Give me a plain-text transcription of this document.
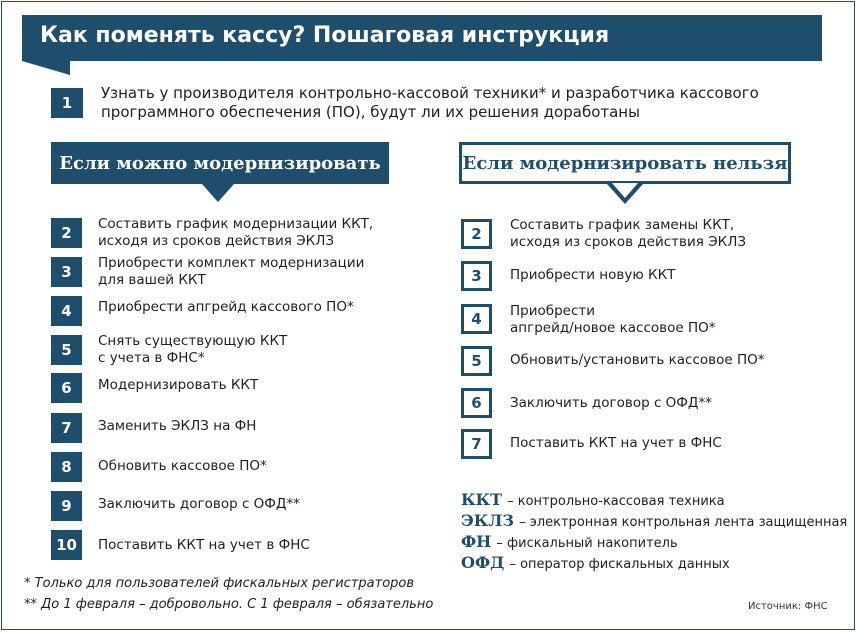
Как поменять кассу? Пошаговая инструкция
1
Узнать у производителя контрольно-кассовой техники* и разработчика кассового программного обеспечения (ПО), будут ли их решения доработаны
Если можно модернизировать	Если модернизировать нельзя
2	Составить график модернизации ККТ,
исходя из сроков действия ЭКЛЗ
3	Приобрести комплект модернизации
для вашей ККТ
4	Приобрести апгрейд кассового ПО*
5	Снять существующую ККТ
с учета в ФНС*
6	Модернизировать ККТ
7	Заменить ЭКЛЗ на ФН
8	Обновить кассовое ПО*
9	Заключить договор с ОФД**
10	Поставить ККТ на учет в ФНС
2	Составить график замены ККТ,
исходя из сроков действия ЭКЛЗ
3	Приобрести новую ККТ
4	Приобрести
апгрейд/новое кассовое ПО*
5	Обновить/установить кассовое ПО*
6	Заключить договор с ОФД**
7	Поставить ККТ на учет в ФНС
ККТ – контрольно-кассовая техника
ЭКЛЗ – электронная контрольная лента защищенная
ФН – фискальный накопитель
ОФД – оператор фискальных данных
* Только для пользователей фискальных регистраторов
** До 1 февраля – добровольно. С 1 февраля – обязательно	Источник: ФНС
